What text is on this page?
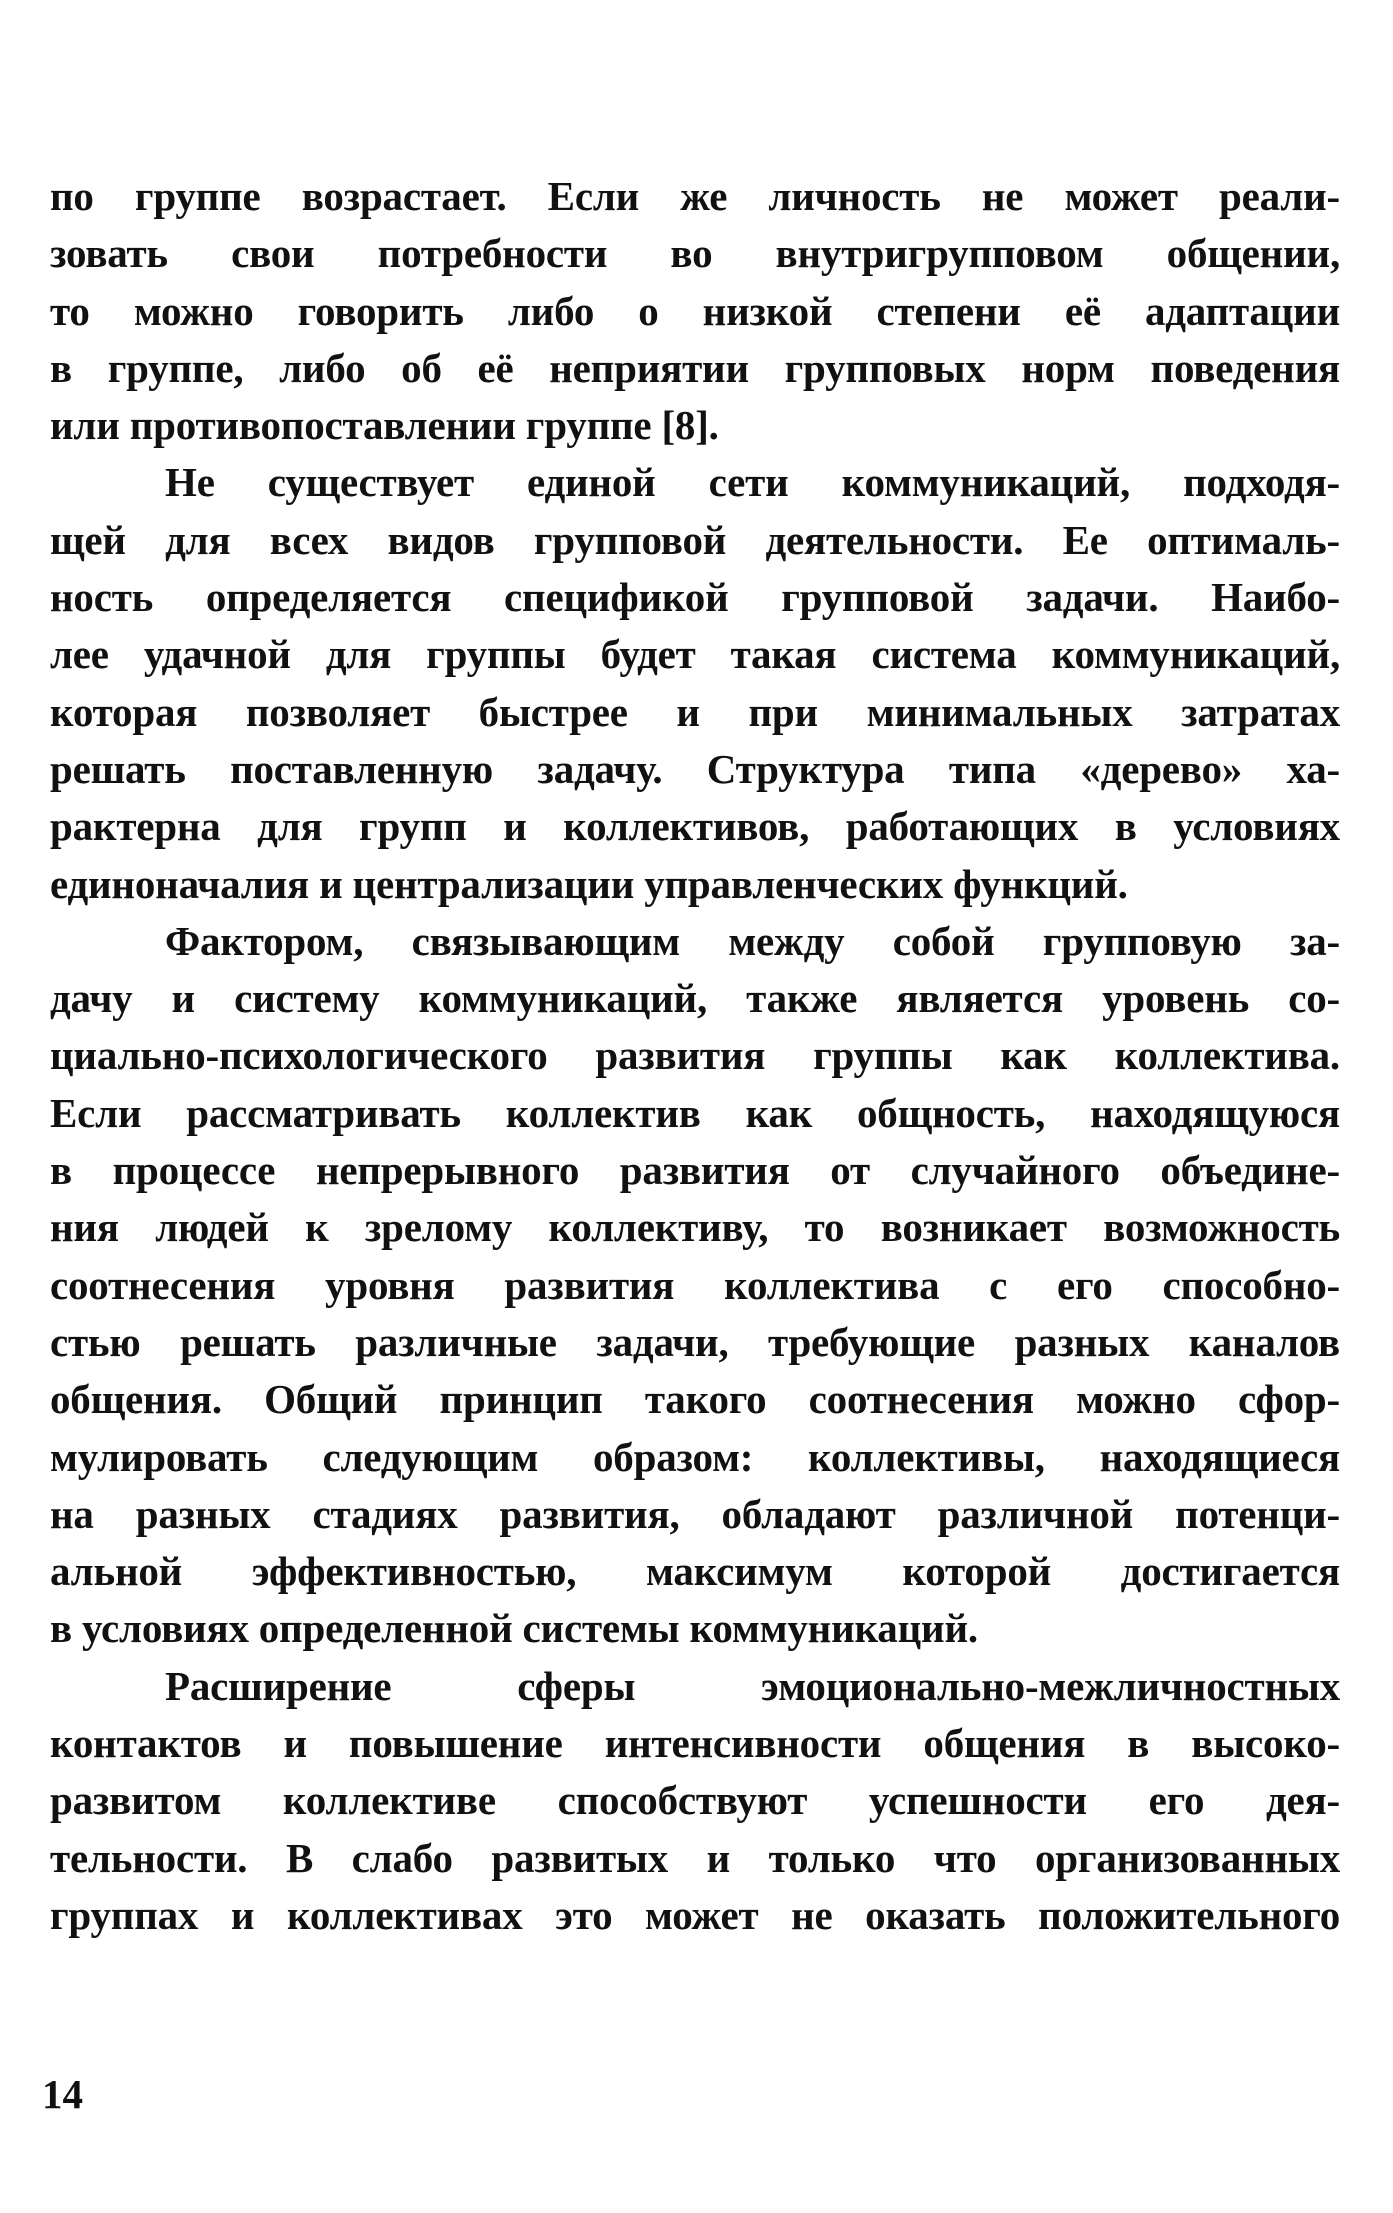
по группе возрастает. Если же личность не может реали-
зовать свои потребности во внутригрупповом общении,
то можно говорить либо о низкой степени её адаптации
в группе, либо об её неприятии групповых норм поведения
или противопоставлении группе [8].
Не существует единой сети коммуникаций, подходя-
щей для всех видов групповой деятельности. Ее оптималь-
ность определяется спецификой групповой задачи. Наибо-
лее удачной для группы будет такая система коммуникаций,
которая позволяет быстрее и при минимальных затратах
решать поставленную задачу. Структура типа «дерево» ха-
рактерна для групп и коллективов, работающих в условиях
единоначалия и централизации управленческих функций.
Фактором, связывающим между собой групповую за-
дачу и систему коммуникаций, также является уровень со-
циально-психологического развития группы как коллектива.
Если рассматривать коллектив как общность, находящуюся
в процессе непрерывного развития от случайного объедине-
ния людей к зрелому коллективу, то возникает возможность
соотнесения уровня развития коллектива с его способно-
стью решать различные задачи, требующие разных каналов
общения. Общий принцип такого соотнесения можно сфор-
мулировать следующим образом: коллективы, находящиеся
на разных стадиях развития, обладают различной потенци-
альной эффективностью, максимум которой достигается
в условиях определенной системы коммуникаций.
Расширение сферы эмоционально-межличностных
контактов и повышение интенсивности общения в высоко-
развитом коллективе способствуют успешности его дея-
тельности. В слабо развитых и только что организованных
группах и коллективах это может не оказать положительного
14
